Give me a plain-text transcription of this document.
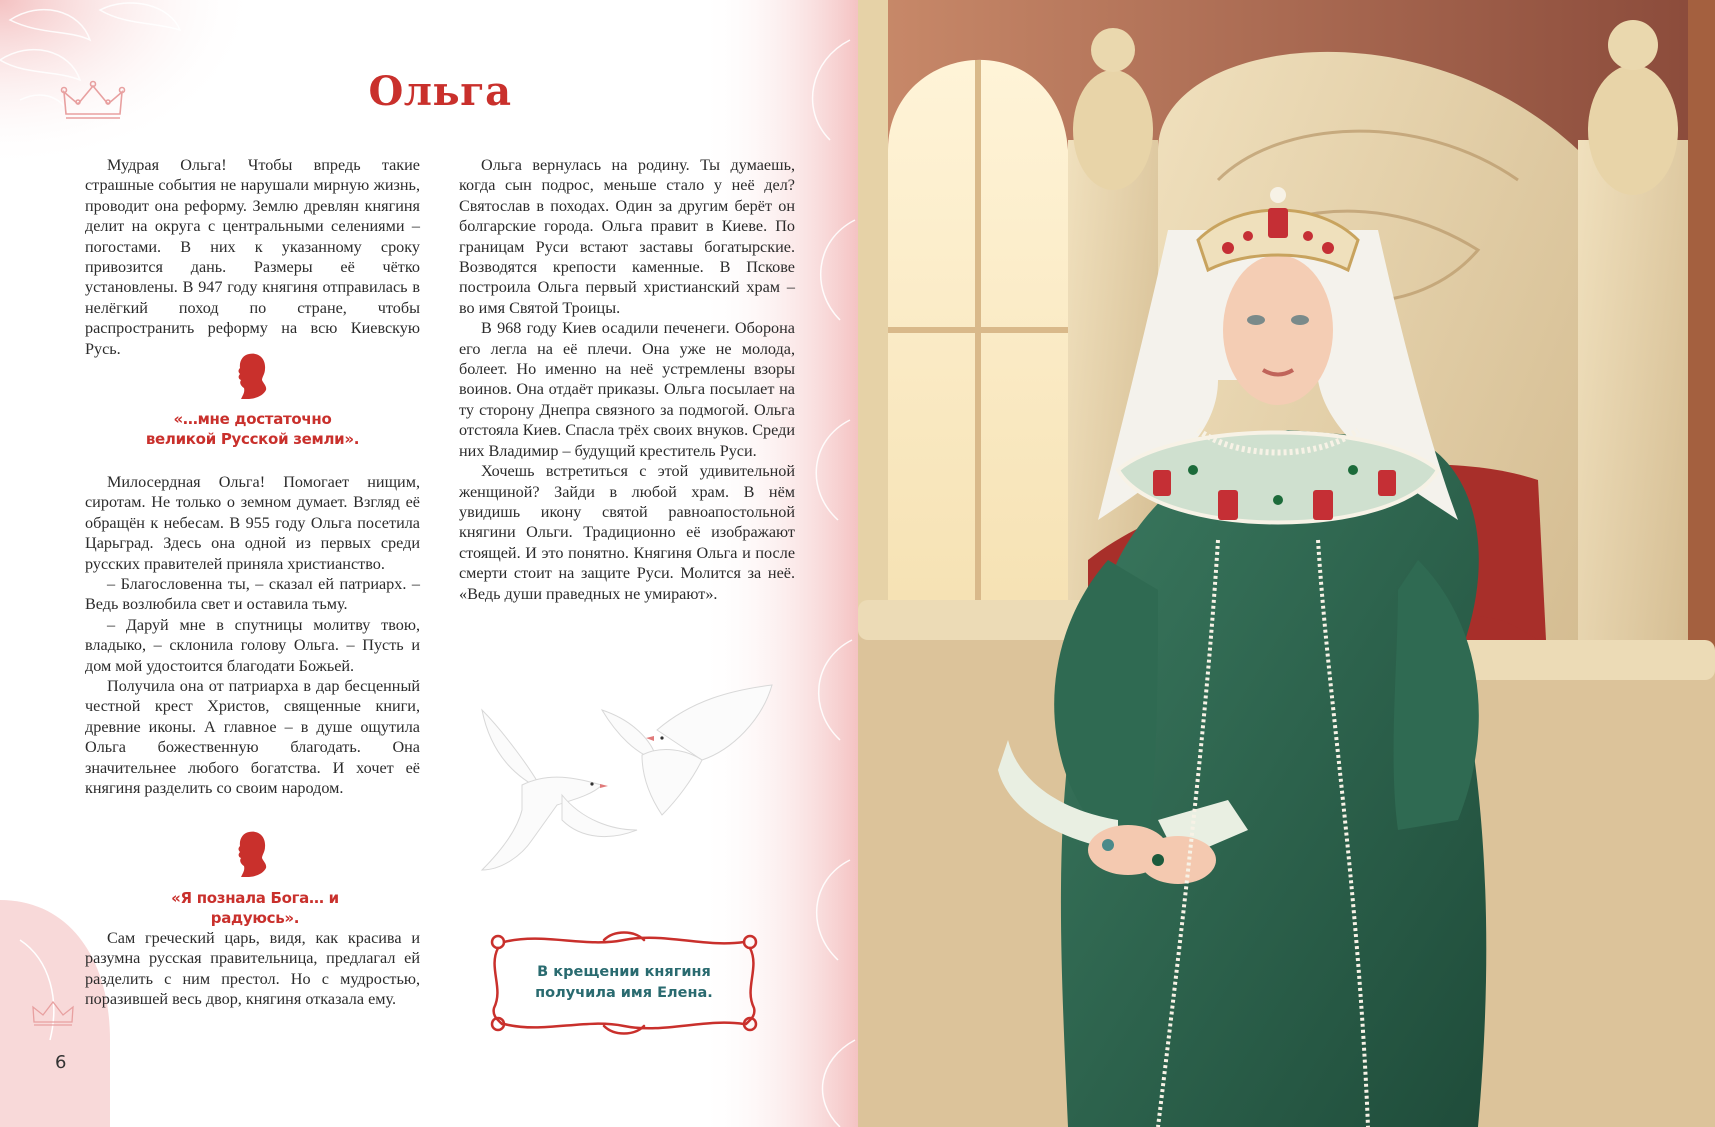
Ольга

Мудрая Ольга! Чтобы впредь такие страшные события не нарушали мирную жизнь, проводит она реформу. Землю древлян княгиня делит на округа с центральными селениями – погостами. В них к указанному сроку привозится дань. Размеры её чётко установлены. В 947 году княгиня отправилась в нелёгкий поход по стране, чтобы распространить реформу на всю Киевскую Русь.

«…мне достаточно великой Русской земли».

Милосердная Ольга! Помогает нищим, сиротам. Не только о земном думает. Взгляд её обращён к небесам. В 955 году Ольга посетила Царьград. Здесь она одной из первых среди русских правителей приняла христианство.

– Благословенна ты, – сказал ей патриарх. – Ведь возлюбила свет и оставила тьму.

– Даруй мне в спутницы молитву твою, владыко, – склонила голову Ольга. – Пусть и дом мой удостоится благодати Божьей.

Получила она от патриарха в дар бесценный честной крест Христов, священные книги, древние иконы. А главное – в душе ощутила Ольга божественную благодать. Она значительнее любого богатства. И хочет её княгиня разделить со своим народом.

«Я познала Бога… и радуюсь».

Сам греческий царь, видя, как красива и разумна русская правительница, предлагал ей разделить с ним престол. Но с мудростью, поразившей весь двор, княгиня отказала ему.

Ольга вернулась на родину. Ты думаешь, когда сын подрос, меньше стало у неё дел? Святослав в походах. Один за другим берёт он болгарские города. Ольга правит в Киеве. По границам Руси встают заставы богатырские. Возводятся крепости каменные. В Пскове построила Ольга первый христианский храм – во имя Святой Троицы.

В 968 году Киев осадили печенеги. Оборона его легла на её плечи. Она уже не молода, болеет. Но именно на неё устремлены взоры воинов. Она отдаёт приказы. Ольга посылает на ту сторону Днепра связного за подмогой. Ольга отстояла Киев. Спасла трёх своих внуков. Среди них Владимир – будущий креститель Руси.

Хочешь встретиться с этой удивительной женщиной? Зайди в любой храм. В нём увидишь икону святой равноапостольной княгини Ольги. Традиционно её изображают стоящей. И это понятно. Княгиня Ольга и после смерти стоит на защите Руси. Молится за неё. «Ведь души праведных не умирают».

В крещении княгиня получила имя Елена.
6
